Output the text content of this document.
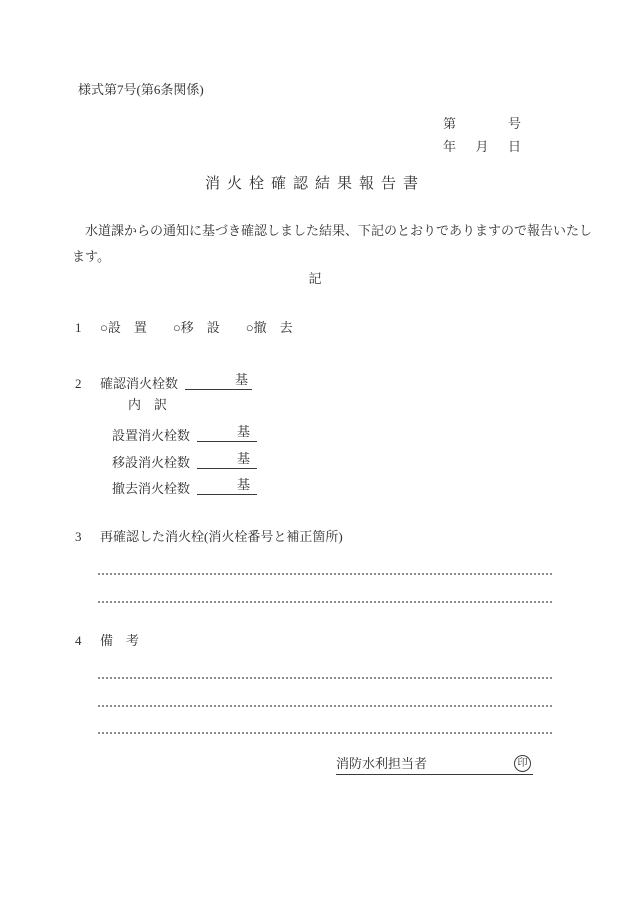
様式第7号(第6条関係)
第	号
年 月 日
消火栓確認結果報告書
水道課からの通知に基づき確認しました結果、下記のとおりでありますので報告いたします。
記
1	○設　置 ○移　設 ○撤　去
2	確認消火栓数	基
内　訳
設置消火栓数	基
移設消火栓数	基
撤去消火栓数	基
3	再確認した消火栓(消火栓番号と補正箇所)
4	備　考
消防水利担当者	印
